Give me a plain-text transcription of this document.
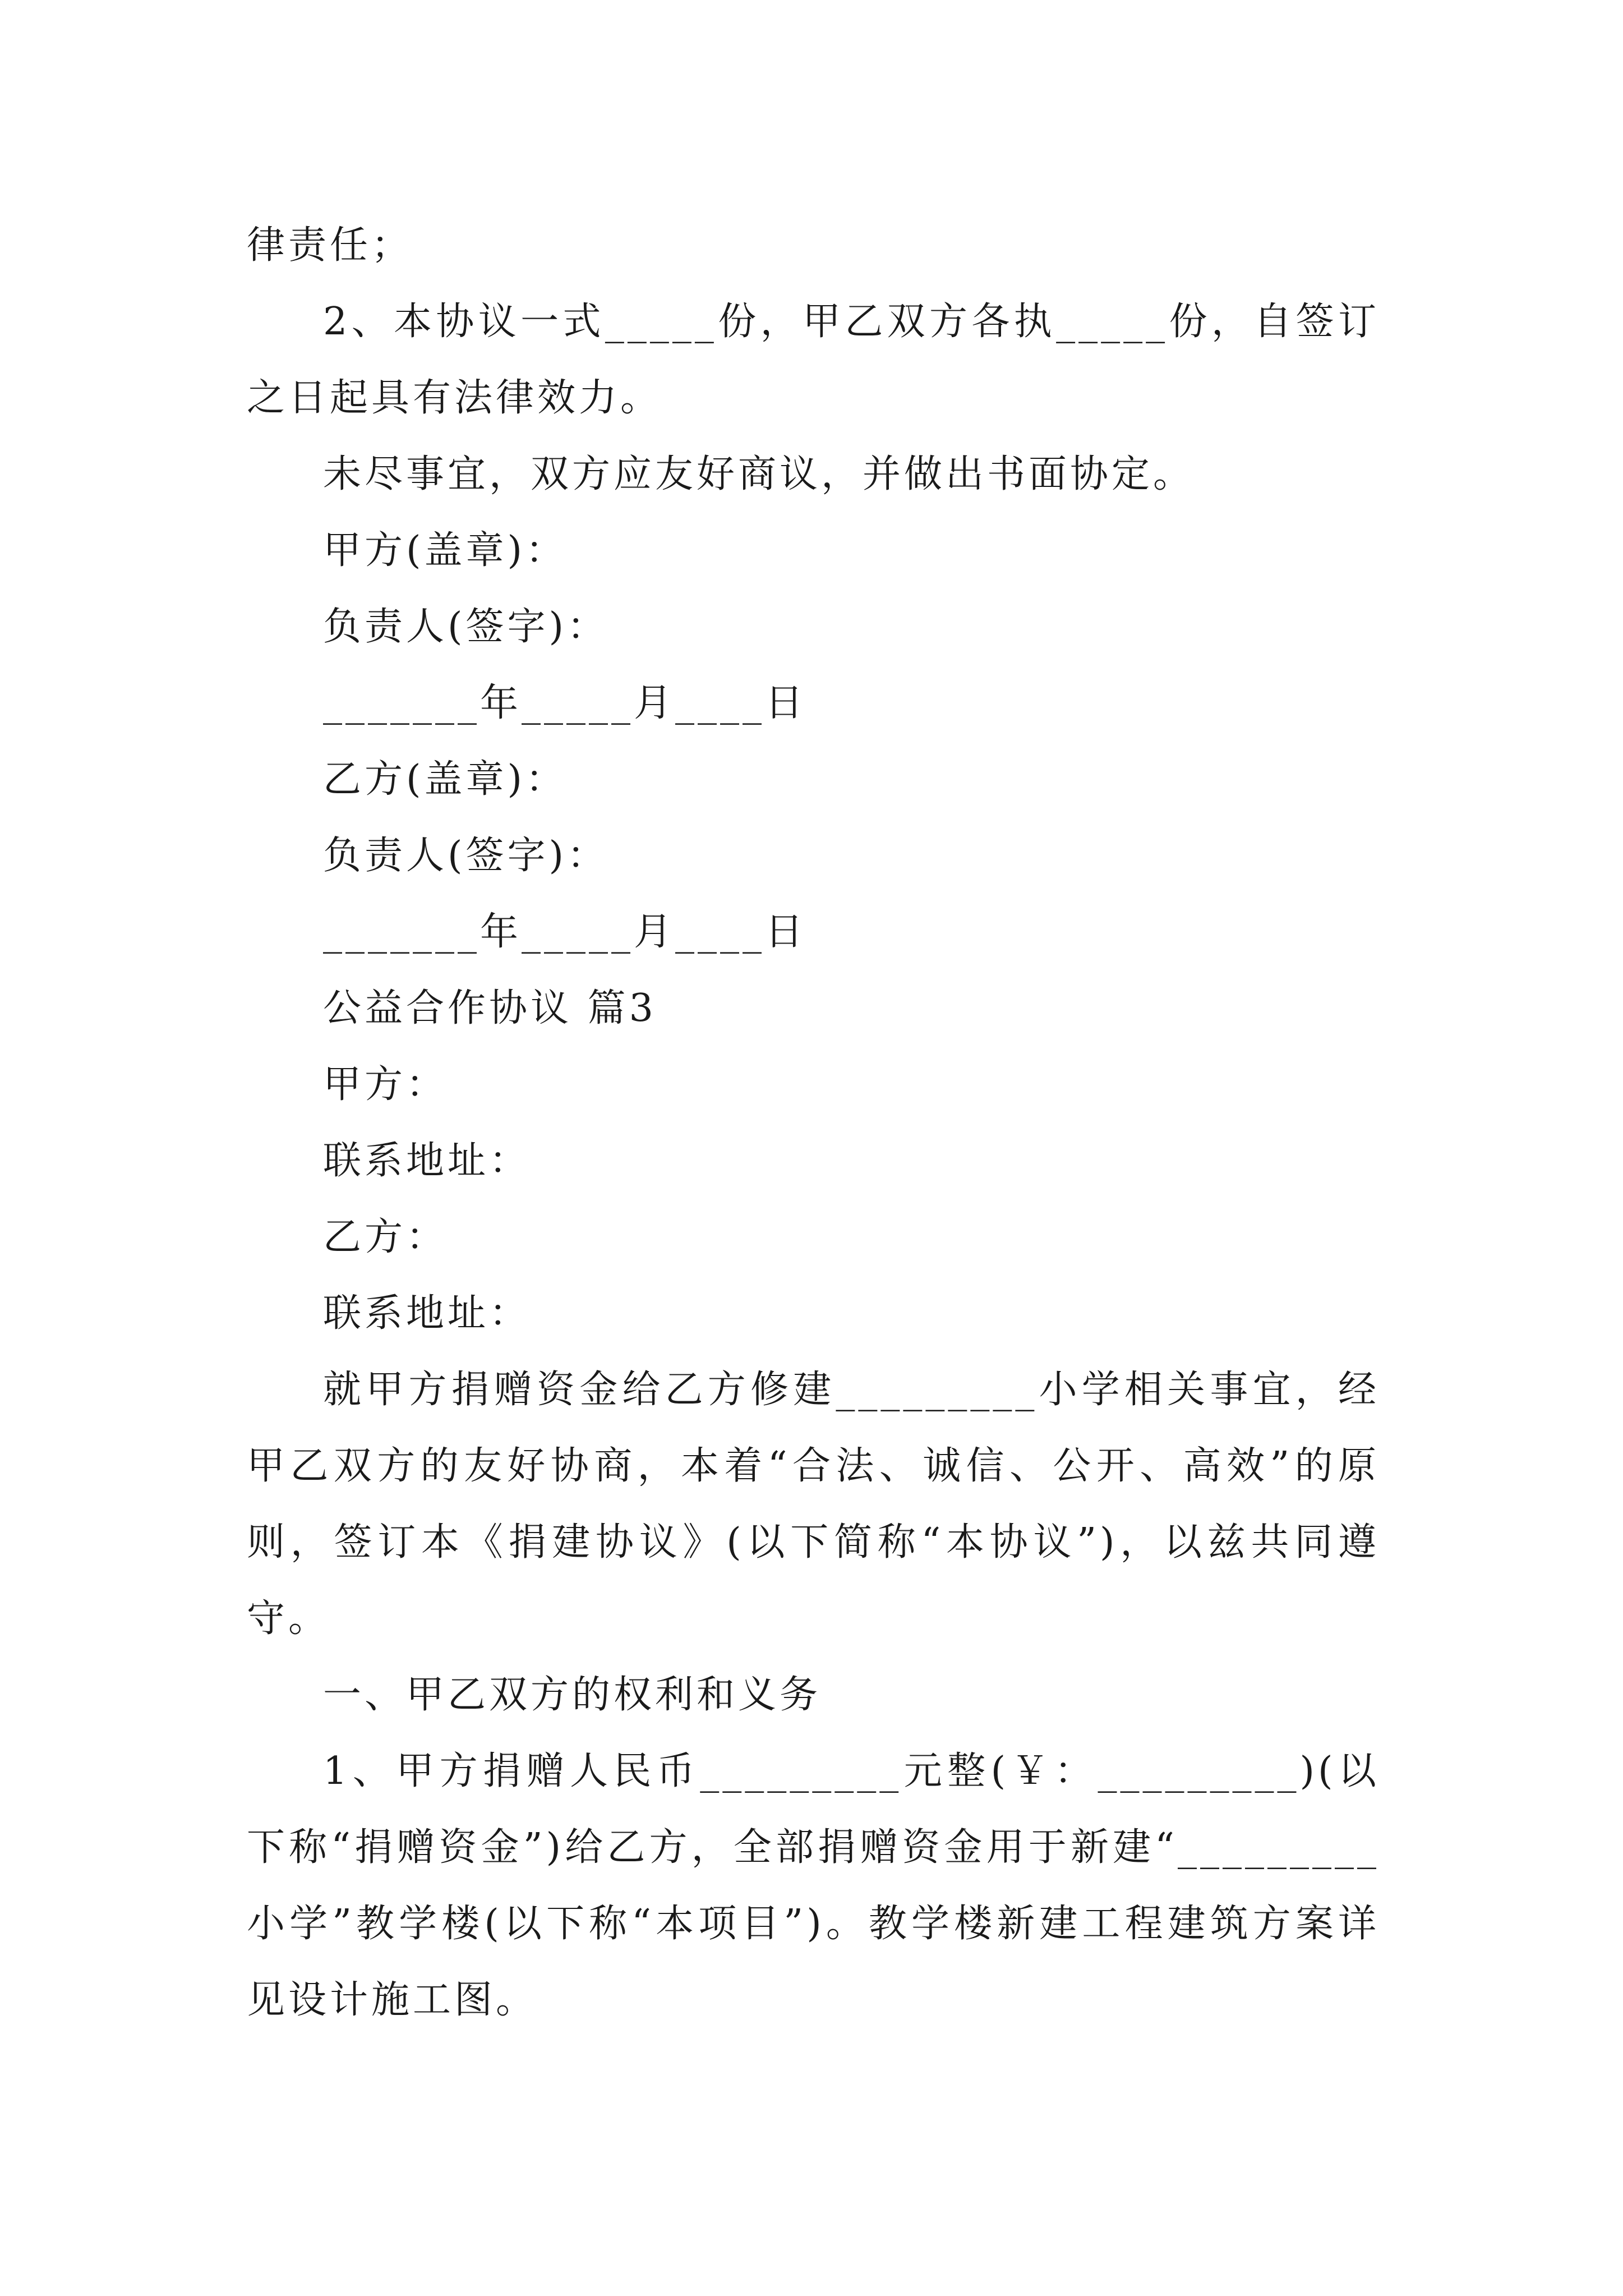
律责任；

2、本协议一式_____份，甲乙双方各执_____份，自签订之日起具有法律效力。

未尽事宜，双方应友好商议，并做出书面协定。

甲方(盖章)：

负责人(签字)：

_______年_____月____日

乙方(盖章)：

负责人(签字)：

_______年_____月____日

公益合作协议 篇3

甲方：

联系地址：

乙方：

联系地址：

就甲方捐赠资金给乙方修建_________小学相关事宜，经甲乙双方的友好协商，本着“合法、诚信、公开、高效”的原则，签订本《捐建协议》(以下简称“本协议”)，以兹共同遵守。

一、甲乙双方的权利和义务

1、甲方捐赠人民币_________元整(￥：_________)(以下称“捐赠资金”)给乙方，全部捐赠资金用于新建“_________小学”教学楼(以下称“本项目”)。教学楼新建工程建筑方案详见设计施工图。
